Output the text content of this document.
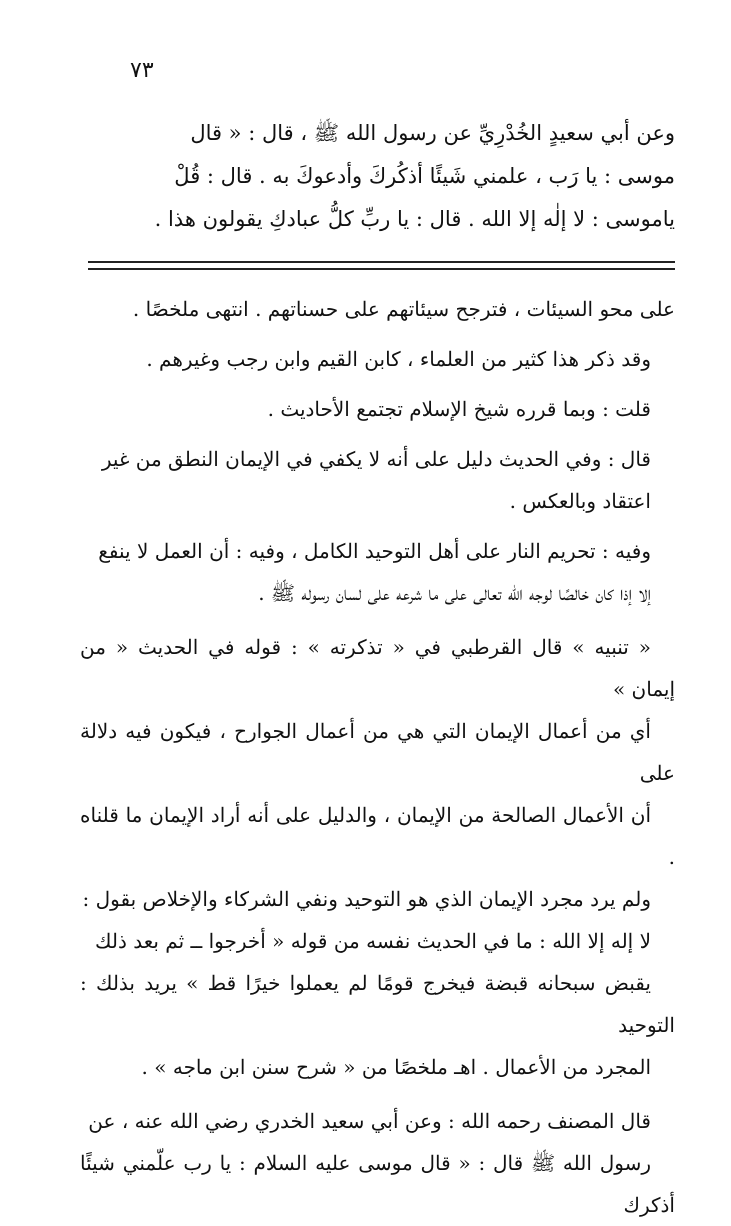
٧٣
وعن أبي سعيدٍ الخُدْرِيِّ عن رسول الله ﷺ ، قال : « قال
موسى : يا رَب ، علمني شَيئًا أذكُركَ وأدعوكَ به . قال : قُلْ
ياموسى : لا إلٰه إلا الله . قال : يا ربِّ كلُّ عبادكِ يقولون هذا .
على محو السيئات ، فترجح سيئاتهم على حسناتهم . انتهى ملخصًا .
وقد ذكر هذا كثير من العلماء ، كابن القيم وابن رجب وغيرهم .
قلت : وبما قرره شيخ الإسلام تجتمع الأحاديث .
قال : وفي الحديث دليل على أنه لا يكفي في الإيمان النطق من غير
اعتقاد وبالعكس .
وفيه : تحريم النار على أهل التوحيد الكامل ، وفيه : أن العمل لا ينفع
إلا إذا كان خالصًا لوجه الله تعالى على ما شرعه على لسان رسوله ﷺ .
« تنبيه » قال القرطبي في « تذكرته » : قوله في الحديث « من إيمان »
أي من أعمال الإيمان التي هي من أعمال الجوارح ، فيكون فيه دلالة على
أن الأعمال الصالحة من الإيمان ، والدليل على أنه أراد الإيمان ما قلناه .
ولم يرد مجرد الإيمان الذي هو التوحيد ونفي الشركاء والإخلاص بقول :
لا إله إلا الله : ما في الحديث نفسه من قوله « أخرجوا ــ ثم بعد ذلك
يقبض سبحانه قبضة فيخرج قومًا لم يعملوا خيرًا قط » يريد بذلك : التوحيد
المجرد من الأعمال . اهـ ملخصًا من « شرح سنن ابن ماجه » .
قال المصنف رحمه الله : وعن أبي سعيد الخدري رضي الله عنه ، عن
رسول الله ﷺ قال : « قال موسى عليه السلام : يا رب علّمني شيئًا أذكرك
